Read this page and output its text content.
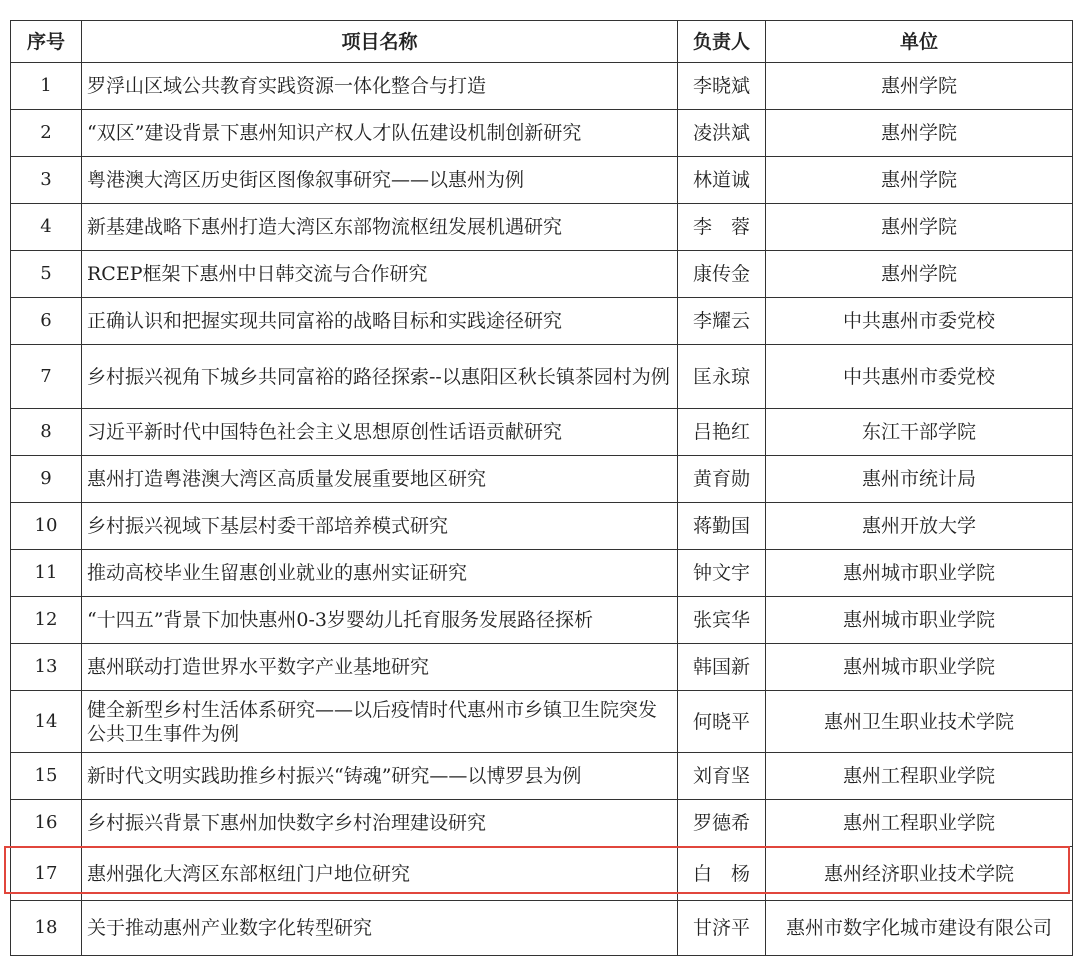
序号	项目名称	负责人	单位
1	罗浮山区域公共教育实践资源一体化整合与打造	李晓斌	惠州学院
2	“双区”建设背景下惠州知识产权人才队伍建设机制创新研究	凌洪斌	惠州学院
3	粤港澳大湾区历史街区图像叙事研究——以惠州为例	林道诚	惠州学院
4	新基建战略下惠州打造大湾区东部物流枢纽发展机遇研究	李　蓉	惠州学院
5	RCEP框架下惠州中日韩交流与合作研究	康传金	惠州学院
6	正确认识和把握实现共同富裕的战略目标和实践途径研究	李耀云	中共惠州市委党校
7	乡村振兴视角下城乡共同富裕的路径探索--以惠阳区秋长镇茶园村为例	匡永琼	中共惠州市委党校
8	习近平新时代中国特色社会主义思想原创性话语贡献研究	吕艳红	东江干部学院
9	惠州打造粤港澳大湾区高质量发展重要地区研究	黄育勋	惠州市统计局
10	乡村振兴视域下基层村委干部培养模式研究	蒋勤国	惠州开放大学
11	推动高校毕业生留惠创业就业的惠州实证研究	钟文宇	惠州城市职业学院
12	“十四五”背景下加快惠州0-3岁婴幼儿托育服务发展路径探析	张宾华	惠州城市职业学院
13	惠州联动打造世界水平数字产业基地研究	韩国新	惠州城市职业学院
14	健全新型乡村生活体系研究——以后疫情时代惠州市乡镇卫生院突发公共卫生事件为例	何晓平	惠州卫生职业技术学院
15	新时代文明实践助推乡村振兴“铸魂”研究——以博罗县为例	刘育坚	惠州工程职业学院
16	乡村振兴背景下惠州加快数字乡村治理建设研究	罗德希	惠州工程职业学院
17	惠州强化大湾区东部枢纽门户地位研究	白　杨	惠州经济职业技术学院
18	关于推动惠州产业数字化转型研究	甘济平	惠州市数字化城市建设有限公司
